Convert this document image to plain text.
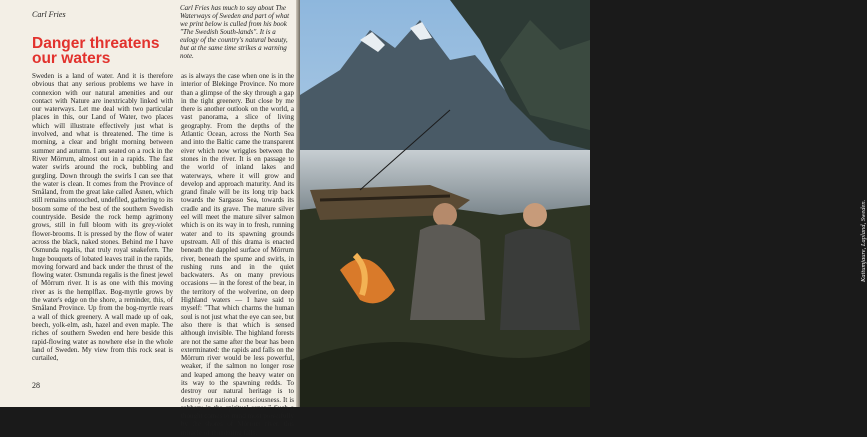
Carl Fries
Danger threatens our waters
Carl Fries has much to say about The Waterways of Sweden and part of what we print below is culled from his book "The Swedish South-lands". It is a eulogy of the country's natural beauty, but at the same time strikes a warning note.

Sweden is a land of water. And it is therefore obvious that any serious problems we have in connexion with our natural amenities and our contact with Nature are inextricably linked with our waterways. Let me deal with two particular places in this, our Land of Water, two places which will illustrate effectively just what is involved, and what is threatened. The time is morning, a clear and bright morning between summer and autumn. I am seated on a rock in the River Mörrum, almost out in a rapids. The fast water swirls around the rock, bubbling and gurgling. Down through the swirls I can see that the water is clean. It comes from the Province of Småland, from the great lake called Åsnen, which still remains untouched, undefiled, gathering to its bosom some of the best of the southern Swedish countryside. Beside the rock hemp agrimony grows, still in full bloom with its grey-violet flower-brooms. It is pressed by the flow of water across the black, naked stones. Behind me I have Osmunda regalis, that truly royal snakefern. The huge bouquets of lobated leaves trail in the rapids, moving forward and back under the thrust of the flowing water. Osmunda regalis is the finest jewel of Mörrum river. It is as one with this moving river as is the hemplflax. Bog-myrtle grows by the water's edge on the shore, a reminder, this, of Småland Province. Up from the bog-myrtle rears a wall of thick greenery. A wall made up of oak, beech, yolk-elm, ash, hazel and even maple. The riches of southern Sweden end here beside this rapid-flowing water as nowhere else in the whole land of Sweden. My view from this rock seat is curtailed,

as is always the case when one is in the interior of Blekinge Province. No more than a glimpse of the sky through a gap in the tight greenery. But close by me there is another outlook on the world, a vast panorama, a slice of living geography. From the depths of the Atlantic Ocean, across the North Sea and into the Baltic came the transparent eiver which now wriggles between the stones in the river. It is en passage to the world of inland lakes and waterways, where it will grow and develop and approach maturity. And its grand finale will be its long trip back towards the Sargasso Sea, towards its cradle and its grave. The mature silver eel will meet the mature silver salmon which is on its way in to fresh, running water and to its spawning grounds upstream. All of this drama is enacted beneath the dappled surface of Mörrum river, beneath the spume and swirls, in rushing runs and in the quiet backwaters. As on many previous occasions — in the forest of the bear, in the territory of the wolverine, on deep Highland waters — I have said to myself: "That which charms the human soul is not just what the eye can see, but also there is that which is sensed although invisible. The highland forests are not the same after the bear has been exterminated: the rapids and falls on the Mörrum river would be less powerful, weaker, if the salmon no longer rose and leaped among the heavy water on its way to the spawning redds. To destroy our natural heritage is to destroy our national consciousness. It is robbery in the spiritual sense." Such a thought comes to mind most powerfully by the shores of Mörrum river, this miracle of thundering falls,

28
Kaitumjaure, Lapland, Sweden.
